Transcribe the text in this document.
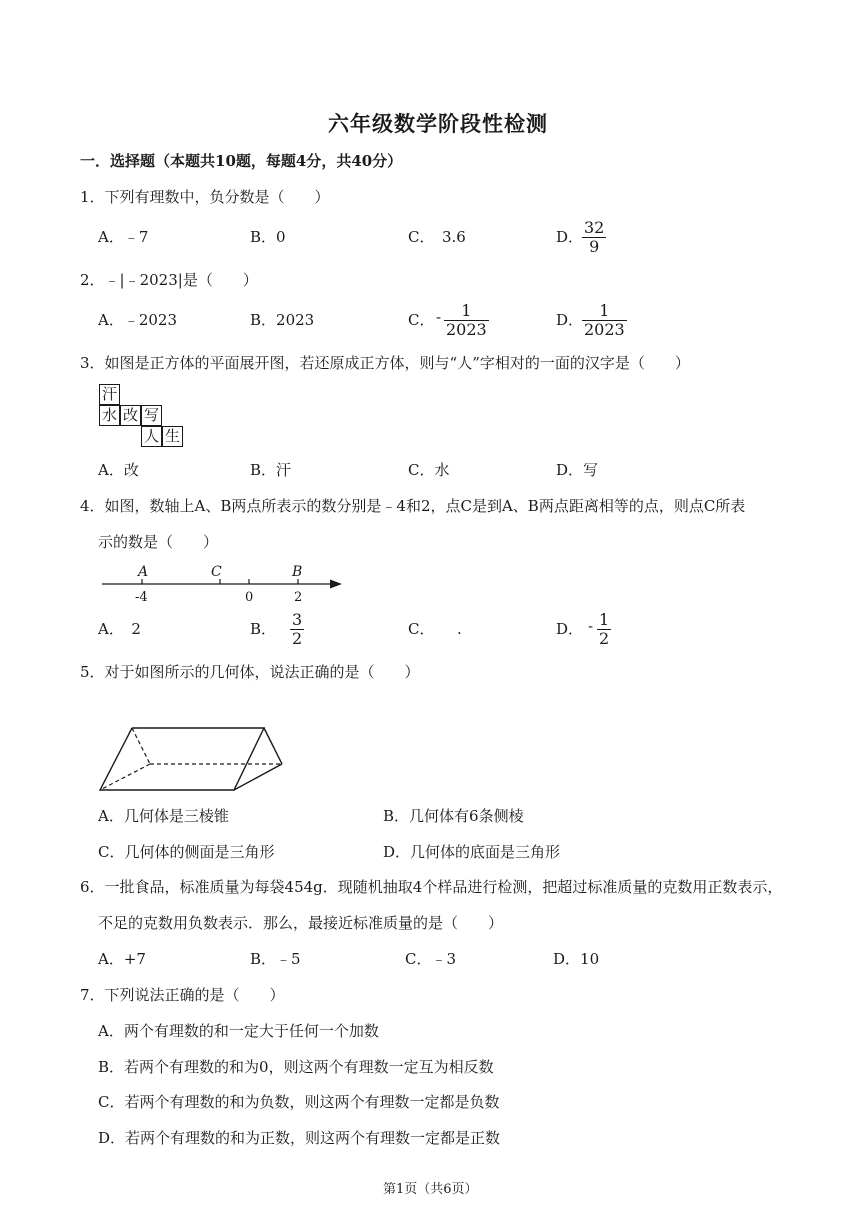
六年级数学阶段性检测
一．选择题（本题共10题，每题4分，共40分）
1．下列有理数中，负分数是（　　）
A．﹣7	B．0	C．　3.6	D．
$\frac{32}{9}$
2．﹣|﹣2023|是（　　）
A．﹣2023	B．2023	C． - $\frac{1}{2023}$	D．
$\frac{1}{2023}$
3．如图是正方体的平面展开图，若还原成正方体，则与“人”字相对的一面的汉字是（　　）
汗
水 改 写
人 生
A．改	B．汗	C．水	D．写
4．如图，数轴上A、B两点所表示的数分别是﹣4和2，点C是到A、B两点距离相等的点，则点C所表
示的数是（　　）
A	C	B
-4	0	2
A．　2	B． $\frac{3}{2}$	C．　　.	D． - $\frac{1}{2}$
5．对于如图所示的几何体，说法正确的是（　　）
A．几何体是三棱锥	B．几何体有6条侧棱
C．几何体的侧面是三角形	D．几何体的底面是三角形
6．一批食品，标准质量为每袋454g．现随机抽取4个样品进行检测，把超过标准质量的克数用正数表示，
不足的克数用负数表示．那么，最接近标准质量的是（　　）
A．+7	B．﹣5	C．﹣3	D．10
7．下列说法正确的是（　　）
A．两个有理数的和一定大于任何一个加数
B．若两个有理数的和为0，则这两个有理数一定互为相反数
C．若两个有理数的和为负数，则这两个有理数一定都是负数
D．若两个有理数的和为正数，则这两个有理数一定都是正数
第1页（共6页）
